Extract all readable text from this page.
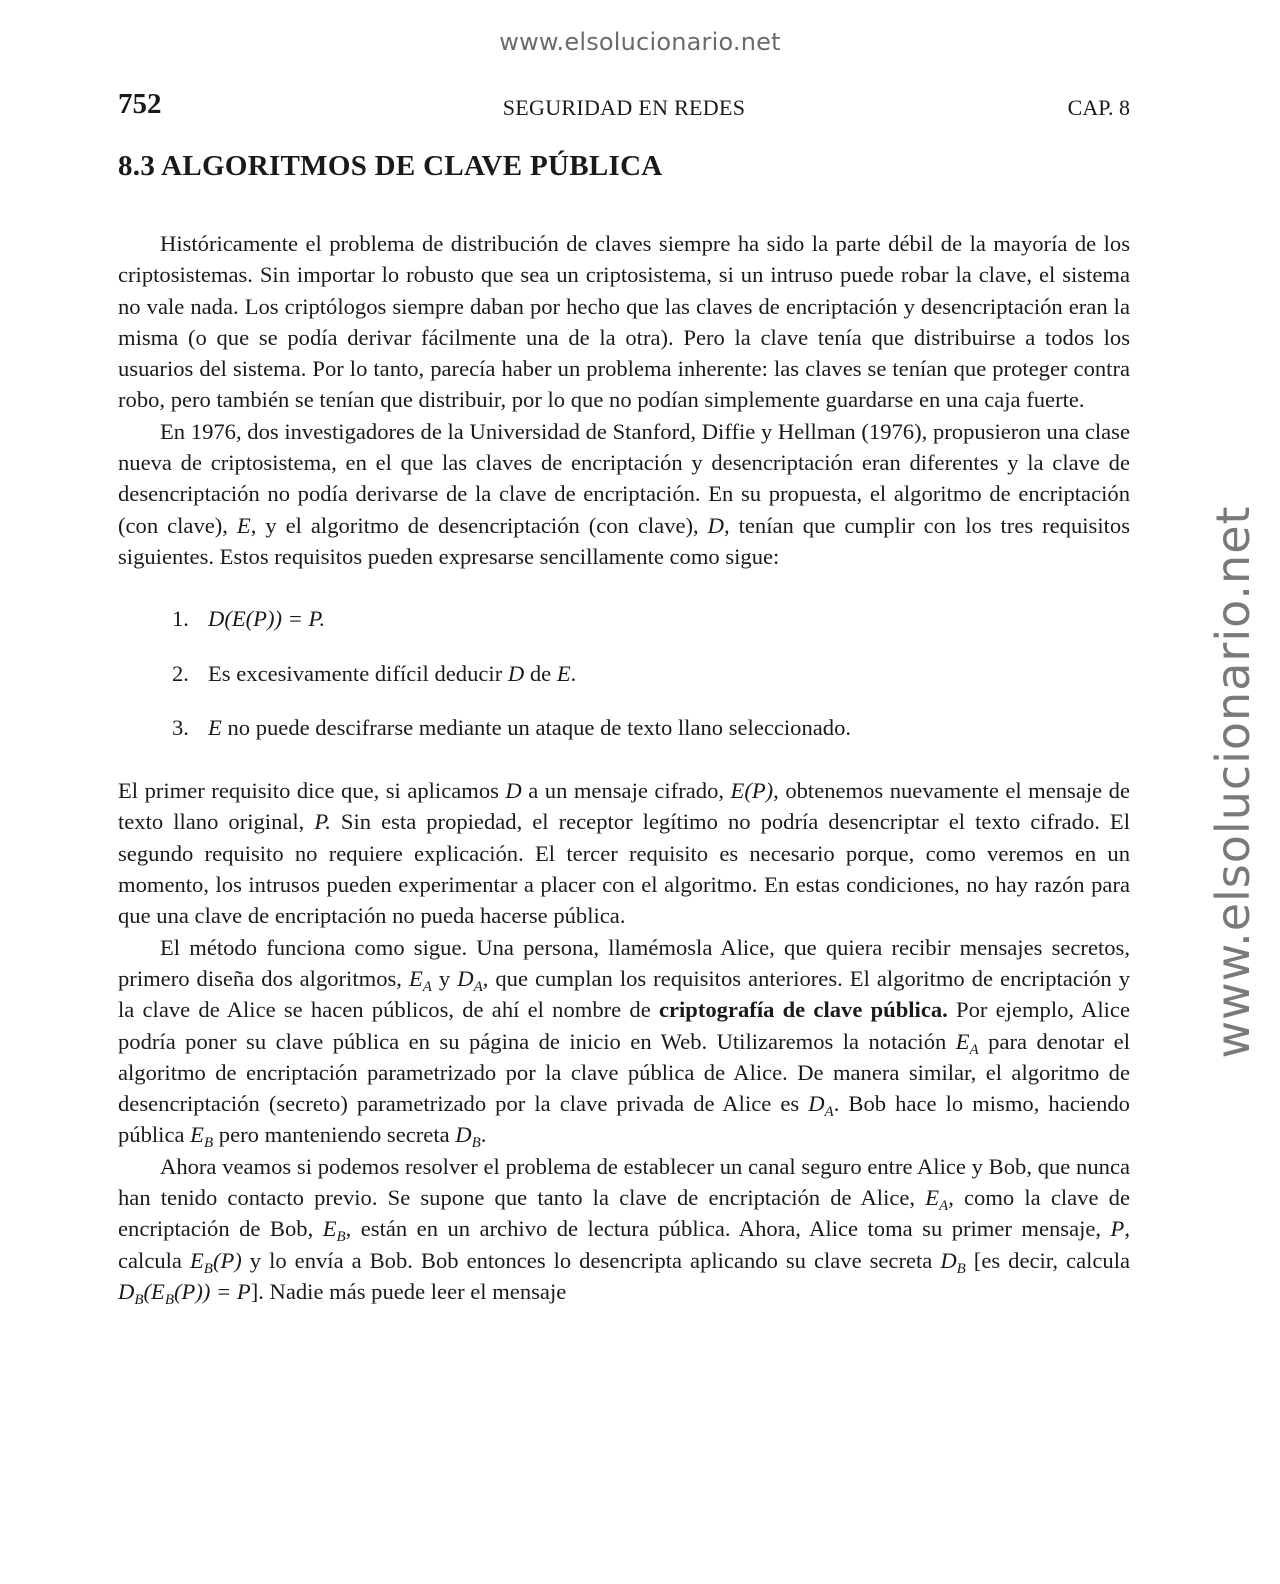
www.elsolucionario.net
www.elsolucionario.net
752	SEGURIDAD EN REDES	CAP. 8
8.3 ALGORITMOS DE CLAVE PÚBLICA

Históricamente el problema de distribución de claves siempre ha sido la parte débil de la mayoría de los criptosistemas. Sin importar lo robusto que sea un criptosistema, si un intruso puede robar la clave, el sistema no vale nada. Los criptólogos siempre daban por hecho que las claves de encriptación y desencriptación eran la misma (o que se podía derivar fácilmente una de la otra). Pero la clave tenía que distribuirse a todos los usuarios del sistema. Por lo tanto, parecía haber un problema inherente: las claves se tenían que proteger contra robo, pero también se tenían que distribuir, por lo que no podían simplemente guardarse en una caja fuerte.

En 1976, dos investigadores de la Universidad de Stanford, Diffie y Hellman (1976), propusieron una clase nueva de criptosistema, en el que las claves de encriptación y desencriptación eran diferentes y la clave de desencriptación no podía derivarse de la clave de encriptación. En su propuesta, el algoritmo de encriptación (con clave), E, y el algoritmo de desencriptación (con clave), D, tenían que cumplir con los tres requisitos siguientes. Estos requisitos pueden expresarse sencillamente como sigue:

1. D(E(P)) = P.
2. Es excesivamente difícil deducir D de E.
3. E no puede descifrarse mediante un ataque de texto llano seleccionado.

El primer requisito dice que, si aplicamos D a un mensaje cifrado, E(P), obtenemos nuevamente el mensaje de texto llano original, P. Sin esta propiedad, el receptor legítimo no podría desencriptar el texto cifrado. El segundo requisito no requiere explicación. El tercer requisito es necesario porque, como veremos en un momento, los intrusos pueden experimentar a placer con el algoritmo. En estas condiciones, no hay razón para que una clave de encriptación no pueda hacerse pública.

El método funciona como sigue. Una persona, llamémosla Alice, que quiera recibir mensajes secretos, primero diseña dos algoritmos, $E_A$ y $D_A$, que cumplan los requisitos anteriores. El algoritmo de encriptación y la clave de Alice se hacen públicos, de ahí el nombre de criptografía de clave pública. Por ejemplo, Alice podría poner su clave pública en su página de inicio en Web. Utilizaremos la notación $E_A$ para denotar el algoritmo de encriptación parametrizado por la clave pública de Alice. De manera similar, el algoritmo de desencriptación (secreto) parametrizado por la clave privada de Alice es $D_A$. Bob hace lo mismo, haciendo pública $E_B$ pero manteniendo secreta $D_B$.

Ahora veamos si podemos resolver el problema de establecer un canal seguro entre Alice y Bob, que nunca han tenido contacto previo. Se supone que tanto la clave de encriptación de Alice, $E_A$, como la clave de encriptación de Bob, $E_B$, están en un archivo de lectura pública. Ahora, Alice toma su primer mensaje, P, calcula $E_B(P)$ y lo envía a Bob. Bob entonces lo desencripta aplicando su clave secreta $D_B$ [es decir, calcula $D_B(E_B(P)) = P$]. Nadie más puede leer el mensaje
